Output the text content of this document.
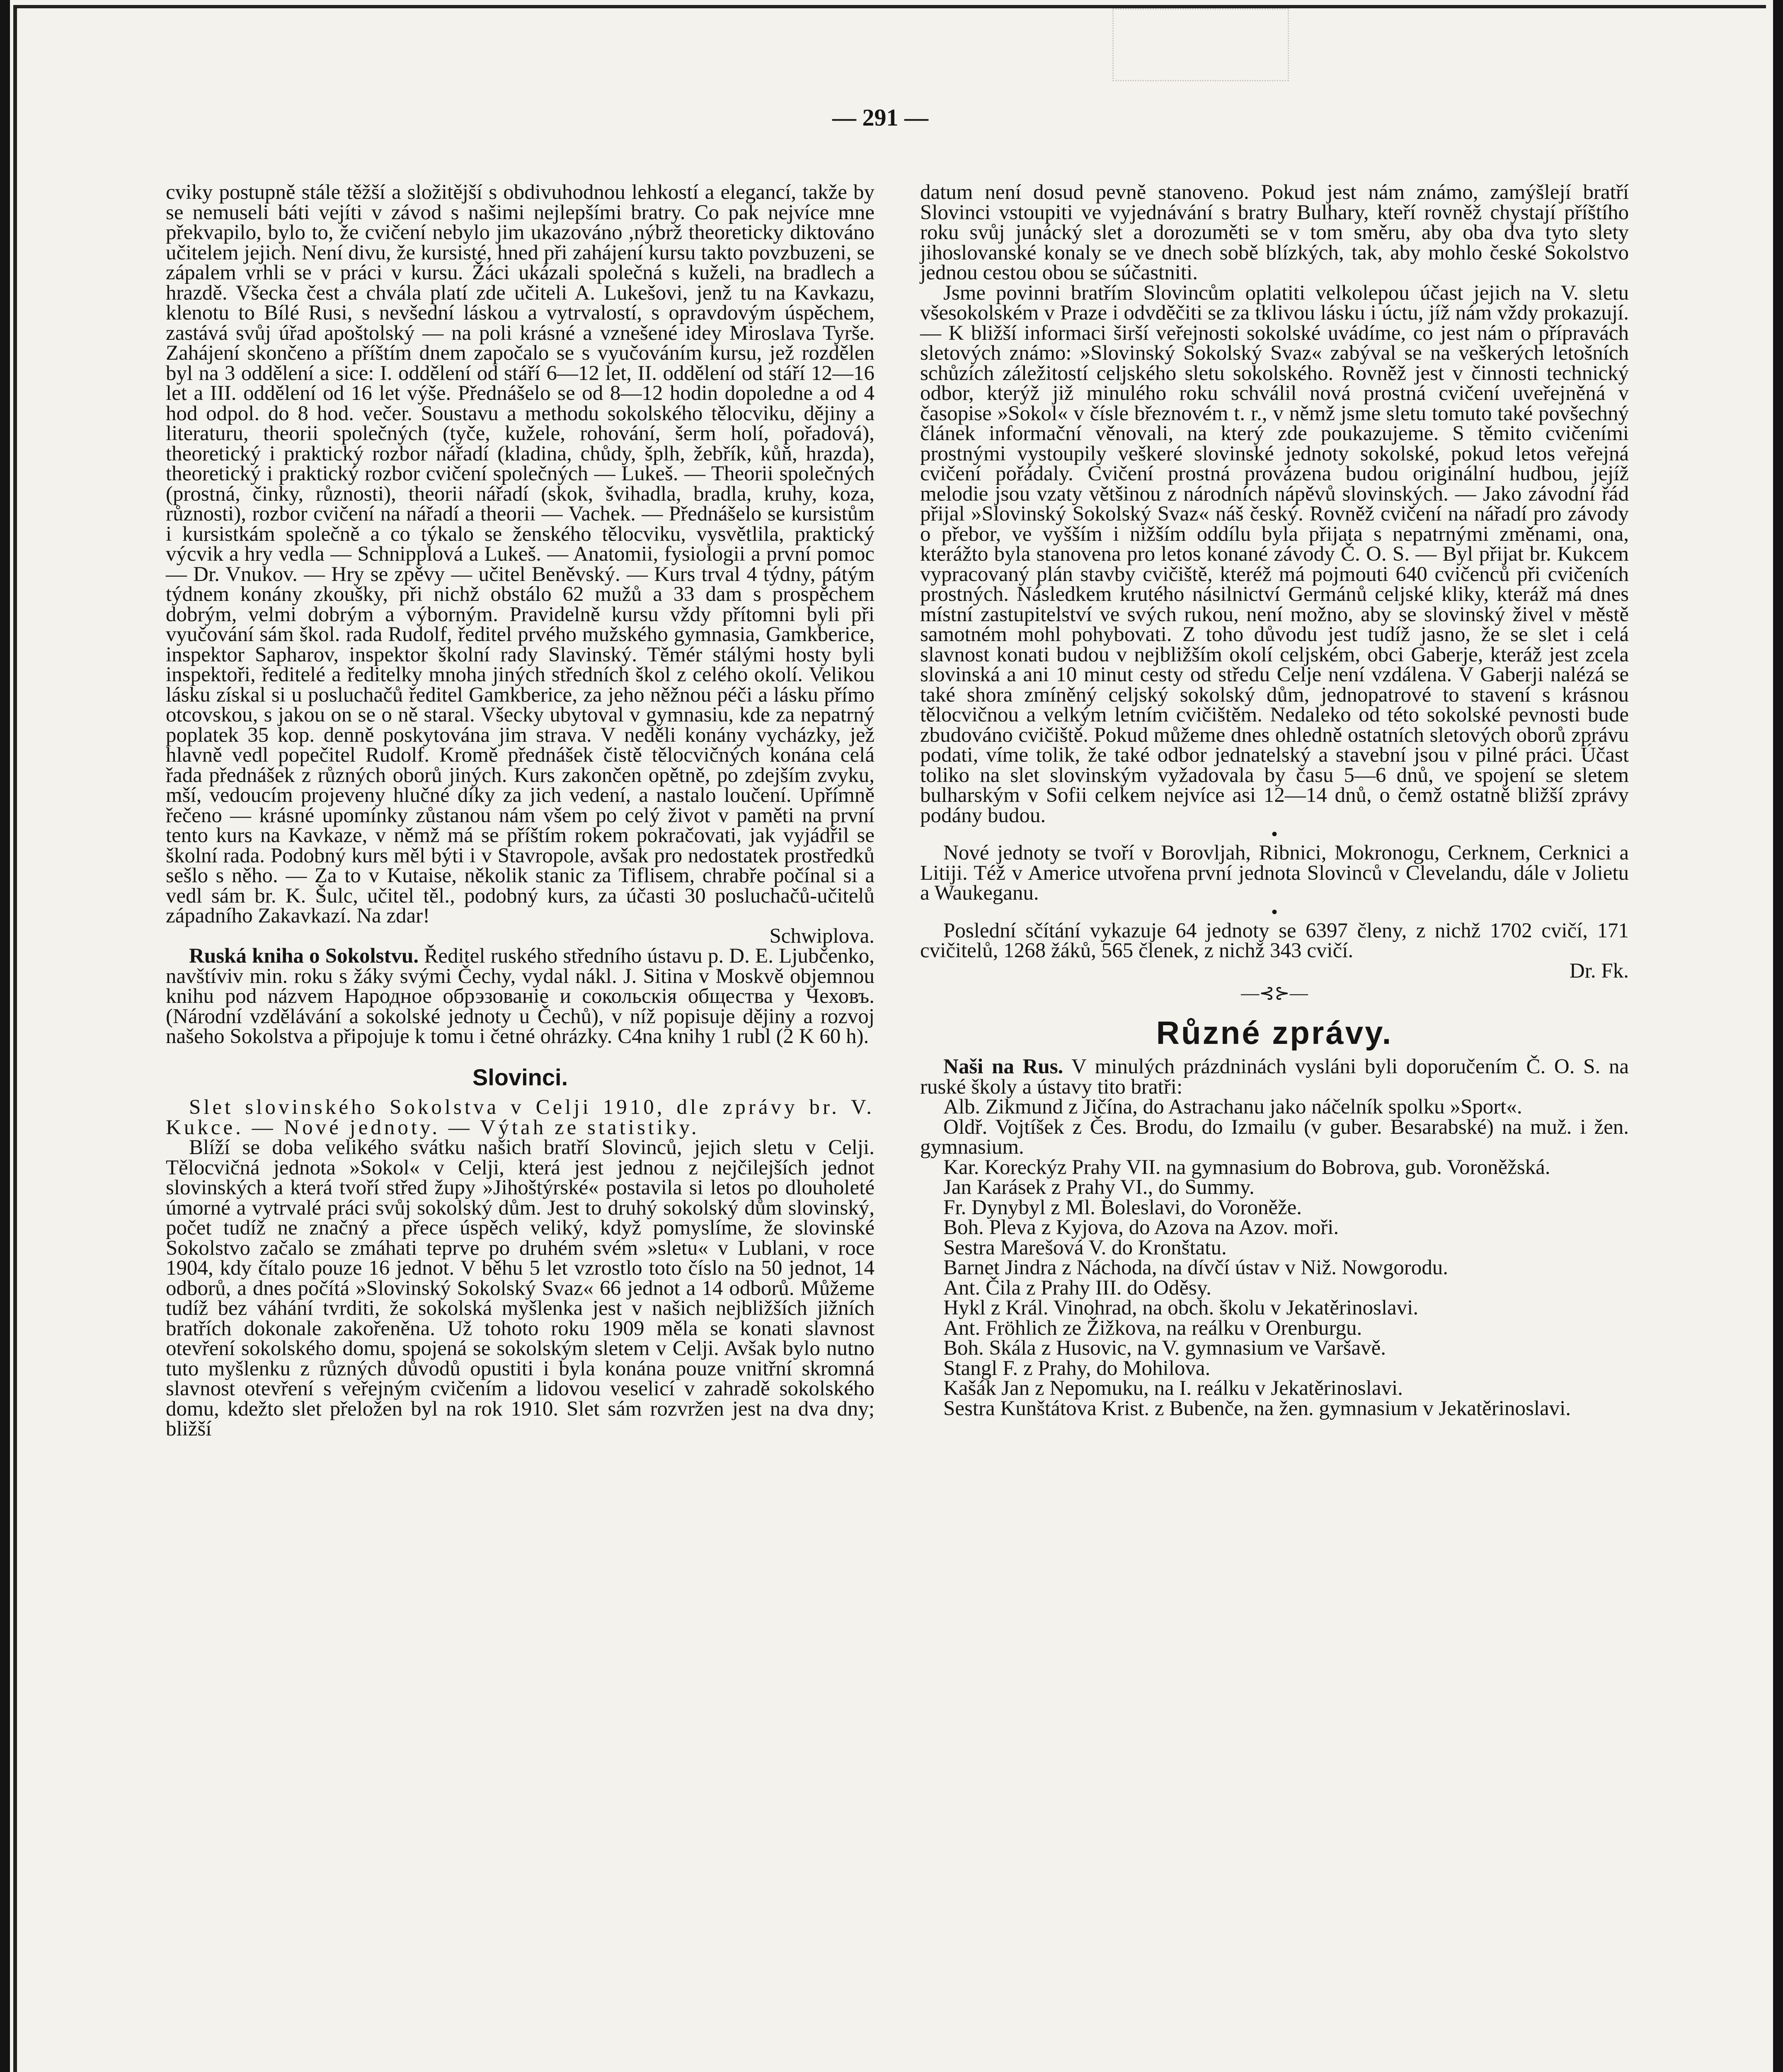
— 291 —

cviky postupně stále těžší a složitější s obdivuhodnou lehkostí a elegancí, takže by se nemuseli báti vejíti v závod s našimi nejlepšími bratry. Co pak nejvíce mne překvapilo, bylo to, že cvičení nebylo jim ukazováno ,nýbrž theoreticky diktováno učitelem jejich. Není divu, že kursisté, hned při zahájení kursu takto povzbuzeni, se zápalem vrhli se v práci v kursu. Žáci ukázali společná s kuželi, na bradlech a hrazdě. Všecka čest a chvála platí zde učiteli A. Lukešovi, jenž tu na Kavkazu, klenotu to Bílé Rusi, s nevšední láskou a vytrvalostí, s opravdovým úspěchem, zastává svůj úřad apoštolský — na poli krásné a vznešené idey Miroslava Tyrše. Zahájení skončeno a příštím dnem započalo se s vyučováním kursu, jež rozdělen byl na 3 oddělení a sice: I. oddělení od stáří 6—12 let, II. oddělení od stáří 12—16 let a III. oddělení od 16 let výše. Přednášelo se od 8—12 hodin dopoledne a od 4 hod odpol. do 8 hod. večer. Soustavu a methodu sokolského tělocviku, dějiny a literaturu, theorii společných (tyče, kužele, rohování, šerm holí, pořadová), theoretický i praktický rozbor nářadí (kladina, chůdy, šplh, žebřík, kůň, hrazda), theoretický i praktický rozbor cvičení společných — Lukeš. — Theorii společných (prostná, činky, různosti), theorii nářadí (skok, švihadla, bradla, kruhy, koza, různosti), rozbor cvičení na nářadí a theorii — Vachek. — Přednášelo se kursistům i kursistkám společně a co týkalo se ženského tělocviku, vysvětlila, praktický výcvik a hry vedla — Schnipplová a Lukeš. — Anatomii, fysiologii a první pomoc — Dr. Vnukov. — Hry se zpěvy — učitel Beněvský. — Kurs trval 4 týdny, pátým týdnem konány zkoušky, při nichž obstálo 62 mužů a 33 dam s prospěchem dobrým, velmi dobrým a výborným. Pravidelně kursu vždy přítomni byli při vyučování sám škol. rada Rudolf, ředitel prvého mužského gymnasia, Gamkberice, inspektor Sapharov, inspektor školní rady Slavinský. Těmér stálými hosty byli inspektoři, ředitelé a ředitelky mnoha jiných středních škol z celého okolí. Velikou lásku získal si u posluchačů ředitel Gamkberice, za jeho něžnou péči a lásku přímo otcovskou, s jakou on se o ně staral. Všecky ubytoval v gymnasiu, kde za nepatrný poplatek 35 kop. denně poskytována jim strava. V neděli konány vycházky, jež hlavně vedl popečitel Rudolf. Kromě přednášek čistě tělocvičných konána celá řada přednášek z různých oborů jiných. Kurs zakončen opětně, po zdejším zvyku, mší, vedoucím projeveny hlučné díky za jich vedení, a nastalo loučení. Upřímně řečeno — krásné upomínky zůstanou nám všem po celý život v paměti na první tento kurs na Kavkaze, v němž má se příštím rokem pokračovati, jak vyjádřil se školní rada. Podobný kurs měl býti i v Stavropole, avšak pro nedostatek prostředků sešlo s něho. — Za to v Kutaise, několik stanic za Tiflisem, chrabře počínal si a vedl sám br. K. Šulc, učitel těl., podobný kurs, za účasti 30 posluchačů-učitelů západního Zakavkazí. Na zdar!

Schwiplova.

Ruská kniha o Sokolstvu. Ředitel ruského středního ústavu p. D. E. Ljubčenko, navštíviv min. roku s žáky svými Čechy, vydal nákl. J. Sitina v Moskvě objemnou knihu pod názvem Народное обрэзованіе и сокольскія общества у Чеховъ. (Národní vzdělávání a sokolské jednoty u Čechů), v níž popisuje dějiny a rozvoj našeho Sokolstva a připojuje k tomu i četné ohrázky. C4na knihy 1 rubl (2 K 60 h).

Slovinci.

Slet slovinského Sokolstva v Celji 1910, dle zprávy br. V. Kukce. — Nové jednoty. — Výtah ze statistiky.

Blíží se doba velikého svátku našich bratří Slovinců, jejich sletu v Celji. Tělocvičná jednota »Sokol« v Celji, která jest jednou z nejčilejších jednot slovinských a která tvoří střed župy »Jihoštýrské« postavila si letos po dlouholeté úmorné a vytrvalé práci svůj sokolský dům. Jest to druhý sokolský dům slovinský, počet tudíž ne značný a přece úspěch veliký, když pomyslíme, že slovinské Sokolstvo začalo se zmáhati teprve po druhém svém »sletu« v Lublani, v roce 1904, kdy čítalo pouze 16 jednot. V běhu 5 let vzrostlo toto číslo na 50 jednot, 14 odborů, a dnes počítá »Slovinský Sokolský Svaz« 66 jednot a 14 odborů. Můžeme tudíž bez váhání tvrditi, že sokolská myšlenka jest v našich nejbližších jižních bratřích dokonale zakořeněna. Už tohoto roku 1909 měla se konati slavnost otevření sokolského domu, spojená se sokolským sletem v Celji. Avšak bylo nutno tuto myšlenku z různých důvodů opustiti i byla konána pouze vnitřní skromná slavnost otevření s veřejným cvičením a lidovou veselicí v zahradě sokolského domu, kdežto slet přeložen byl na rok 1910. Slet sám rozvržen jest na dva dny; bližší

datum není dosud pevně stanoveno. Pokud jest nám známo, zamýšlejí bratří Slovinci vstoupiti ve vyjednávání s bratry Bulhary, kteří rovněž chystají příštího roku svůj junácký slet a dorozuměti se v tom směru, aby oba dva tyto slety jihoslovanské konaly se ve dnech sobě blízkých, tak, aby mohlo české Sokolstvo jednou cestou obou se súčastniti.

Jsme povinni bratřím Slovincům oplatiti velkolepou účast jejich na V. sletu všesokolském v Praze i odvděčiti se za tklivou lásku i úctu, jíž nám vždy prokazují. — K bližší informaci širší veřejnosti sokolské uvádíme, co jest nám o přípravách sletových známo: »Slovinský Sokolský Svaz« zabýval se na veškerých letošních schůzích záležitostí celjského sletu sokolského. Rovněž jest v činnosti technický odbor, kterýž již minulého roku schválil nová prostná cvičení uveřejněná v časopise »Sokol« v čísle březnovém t. r., v němž jsme sletu tomuto také povšechný článek informační věnovali, na který zde poukazujeme. S těmito cvičeními prostnými vystoupily veškeré slovinské jednoty sokolské, pokud letos veřejná cvičení pořádaly. Cvičení prostná provázena budou originální hudbou, jejíž melodie jsou vzaty většinou z národních nápěvů slovinských. — Jako závodní řád přijal »Slovinský Sokolský Svaz« náš český. Rovněž cvičení na nářadí pro závody o přebor, ve vyšším i nižším oddílu byla přijata s nepatrnými změnami, ona, kterážto byla stanovena pro letos konané závody Č. O. S. — Byl přijat br. Kukcem vypracovaný plán stavby cvičiště, kteréž má pojmouti 640 cvičenců při cvičeních prostných. Následkem krutého násilnictví Germánů celjské kliky, kteráž má dnes místní zastupitelství ve svých rukou, není možno, aby se slovinský živel v městě samotném mohl pohybovati. Z toho důvodu jest tudíž jasno, že se slet i celá slavnost konati budou v nejbližším okolí celjském, obci Gaberje, kteráž jest zcela slovinská a ani 10 minut cesty od středu Celje není vzdálena. V Gaberji nalézá se také shora zmíněný celjský sokolský dům, jednopatrové to stavení s krásnou tělocvičnou a velkým letním cvičištěm. Nedaleko od této sokolské pevnosti bude zbudováno cvičiště. Pokud můžeme dnes ohledně ostatních sletových oborů zprávu podati, víme tolik, že také odbor jednatelský a stavební jsou v pilné práci. Účast toliko na slet slovinským vyžadovala by času 5—6 dnů, ve spojení se sletem bulharským v Sofii celkem nejvíce asi 12—14 dnů, o čemž ostatně bližší zprávy podány budou.

•

Nové jednoty se tvoří v Borovljah, Ribnici, Mokronogu, Cerknem, Cerknici a Litiji. Též v Americe utvořena první jednota Slovinců v Clevelandu, dále v Jolietu a Waukeganu.

•

Poslední sčítání vykazuje 64 jednoty se 6397 členy, z nichž 1702 cvičí, 171 cvičitelů, 1268 žáků, 565 členek, z nichž 343 cvičí.

Dr. Fk.

—⊰⊱—

Různé zprávy.

Naši na Rus. V minulých prázdninách vysláni byli doporučením Č. O. S. na ruské školy a ústavy tito bratři:

Alb. Zikmund z Jičína, do Astrachanu jako náčelník spolku »Sport«.

Oldř. Vojtíšek z Čes. Brodu, do Izmailu (v guber. Besarabské) na muž. i žen. gymnasium.

Kar. Koreckýz Prahy VII. na gymnasium do Bobrova, gub. Voroněžská.

Jan Karásek z Prahy VI., do Summy.

Fr. Dynybyl z Ml. Boleslavi, do Voroněže.

Boh. Pleva z Kyjova, do Azova na Azov. moři.

Sestra Marešová V. do Kronštatu.

Barnet Jindra z Náchoda, na dívčí ústav v Niž. Nowgorodu.

Ant. Čila z Prahy III. do Oděsy.

Hykl z Král. Vinohrad, na obch. školu v Jekatěrinoslavi.

Ant. Fröhlich ze Žižkova, na reálku v Orenburgu.

Boh. Skála z Husovic, na V. gymnasium ve Varšavě.

Stangl F. z Prahy, do Mohilova.

Kašák Jan z Nepomuku, na I. reálku v Jekatěrinoslavi.

Sestra Kunštátova Krist. z Bubenče, na žen. gymnasium v Jekatěrinoslavi.
